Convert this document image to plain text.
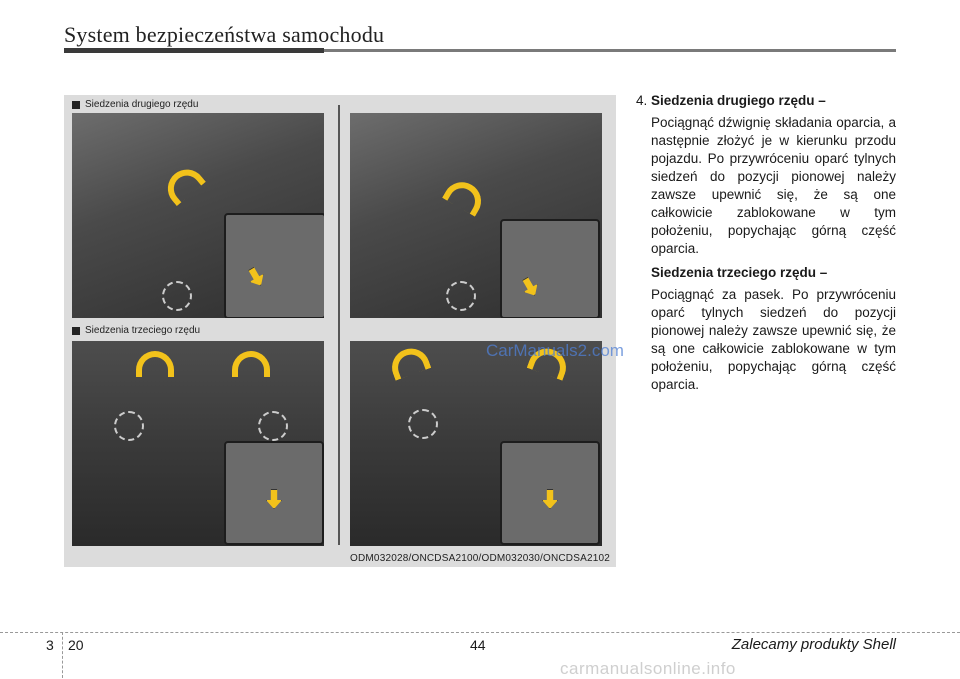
System bezpieczeństwa samochodu
Siedzenia drugiego rzędu
Siedzenia trzeciego rzędu
ODM032028/ONCDSA2100/ODM032030/ONCDSA2102
CarManuals2.com
4. Siedzenia drugiego rzędu –

Pociągnąć dźwignię składania oparcia, a następnie złożyć je w kierunku przodu pojazdu. Po przywróceniu oparć tylnych siedzeń do pozycji pionowej należy zawsze upewnić się, że są one całkowicie zablokowane w tym położeniu, popychając górną część oparcia.

Siedzenia trzeciego rzędu –

Pociągnąć za pasek. Po przywróceniu oparć tylnych siedzeń do pozycji pionowej należy zawsze upewnić się, że są one całkowicie zablokowane w tym położeniu, popychając górną część oparcia.

3 20	44	Zalecamy produkty Shell
carmanualsonline.info
